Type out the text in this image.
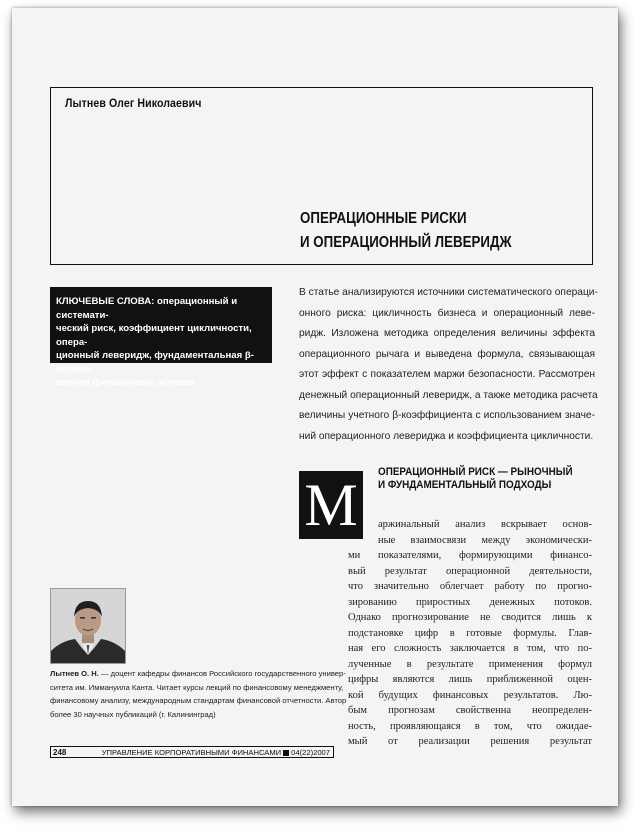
Лытнев Олег Николаевич
ОПЕРАЦИОННЫЕ РИСКИ
И ОПЕРАЦИОННЫЙ ЛЕВЕРИДЖ
КЛЮЧЕВЫЕ СЛОВА: операционный и системати-
ческий риск, коэффициент цикличности, опера-
ционный леверидж, фундаментальная β-модель
оценки финансовых активов
В статье анализируются источники систематического операци-
онного риска: цикличность бизнеса и операционный леве-
ридж. Изложена методика определения величины эффекта
операционного рычага и выведена формула, связывающая
этот эффект с показателем маржи безопасности. Рассмотрен
денежный операционный леверидж, а также методика расчета
величины учетного β-коэффициента с использованием значе-
ний операционного левериджа и коэффициента цикличности.
М	ОПЕРАЦИОННЫЙ РИСК — РЫНОЧНЫЙ
И ФУНДАМЕНТАЛЬНЫЙ ПОДХОДЫ
аржинальный анализ вскрывает основ-
ные взаимосвязи между экономически-
ми показателями, формирующими финансо-
вый результат операционной деятельности,
что значительно облегчает работу по прогно-
зированию приростных денежных потоков.
Однако прогнозирование не сводится лишь к
подстановке цифр в готовые формулы. Глав-
ная его сложность заключается в том, что по-
лученные в результате применения формул
цифры являются лишь приближенной оцен-
кой будущих финансовых результатов. Лю-
бым прогнозам свойственна неопределен-
ность, проявляющаяся в том, что ожидае-
мый от реализации решения результат
Лытнев О. Н. — доцент кафедры финансов Российского государственного универ-
ситета им. Иммануила Канта. Читает курсы лекций по финансовому менеджменту,
финансовому анализу, международным стандартам финансовой отчетности. Автор
более 30 научных публикаций (г. Калининград)
248	УПРАВЛЕНИЕ КОРПОРАТИВНЫМИ ФИНАНСАМИ 04(22)2007
